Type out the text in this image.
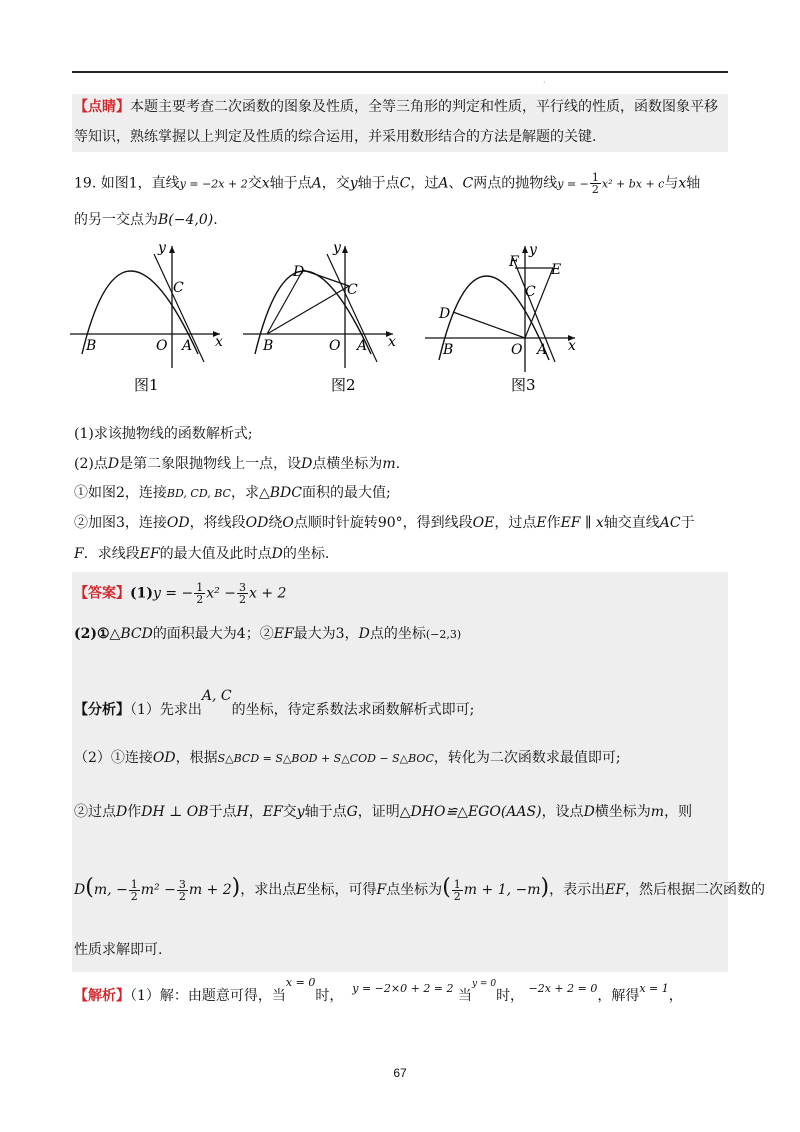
·
【点睛】本题主要考查二次函数的图象及性质，全等三角形的判定和性质，平行线的性质，函数图象平移
等知识，熟练掌握以上判定及性质的综合运用，并采用数形结合的方法是解题的关键.
19. 如图1，直线y = −2x + 2交x轴于点A，交y轴于点C，过A、C两点的抛物线y = − $\frac{1}{2} x^2$ + bx + c与x轴
的另一交点为B(−4,0).
y
x
C
B	O A
图1
y
x
D
C
B	O A
图2
y
x
F E
C
D
B	O A
图3
(1)求该抛物线的函数解析式;
(2)点D是第二象限抛物线上一点，设D点横坐标为m.
①如图2，连接BD, CD, BC，求△BDC面积的最大值;
②加图3，连接OD，将线段OD绕O点顺时针旋转90°，得到线段OE，过点E作EF ∥ x轴交直线AC于
F．求线段EF的最大值及此时点D的坐标.
【答案】(1)y = − $\frac{1}{2} x^2 - \frac{3}{2}$ x + 2
(2)①△BCD的面积最大为4；②EF最大为3，D点的坐标(−2,3)
【分析】（1）先求出A, C的坐标，待定系数法求函数解析式即可;
（2）①连接OD，根据S△BCD = S△BOD + S△COD − S△BOC，转化为二次函数求最值即可;
②过点D作DH ⊥ OB于点H，EF交y轴于点G，证明△DHO≌△EGO(AAS)，设点D横坐标为m，则
D(m, − $\frac{1}{2} m^2 - \frac{3}{2}$ m + 2)，求出点E坐标，可得F点坐标为( $\frac{1}{2}$ m + 1, −m)，表示出EF，然后根据二次函数的
性质求解即可.
【解析】（1）解：由题意可得，当$^{x = 0}$时， $^{y = -2\times 0 + 2 = 2}$ 当$^{y = 0}$时， $^{-2x + 2 = 0}$，解得$^{x = 1}$，
67
